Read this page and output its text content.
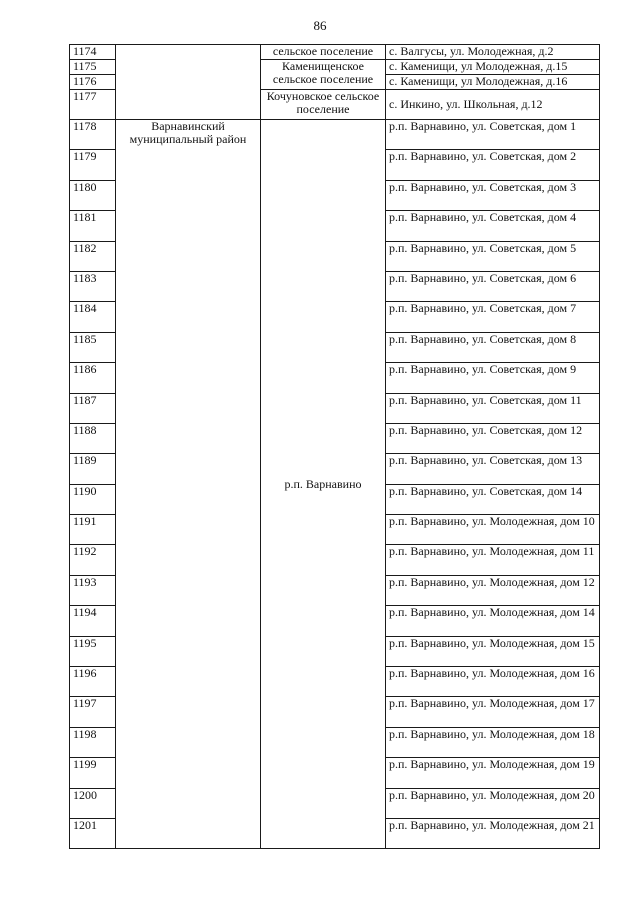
86
1174		сельское поселение	с. Валгусы, ул. Молодежная, д.2
1175		Каменищенское сельское поселение	с. Каменищи, ул Молодежная, д.15
1176			с. Каменищи, ул Молодежная, д.16
1177		Кочуновское сельское поселение	с. Инкино, ул. Школьная, д.12
1178	Варнавинский муниципальный район	р.п. Варнавино	р.п. Варнавино, ул. Советская, дом 1
1179			р.п. Варнавино, ул. Советская, дом 2
1180			р.п. Варнавино, ул. Советская, дом 3
1181			р.п. Варнавино, ул. Советская, дом 4
1182			р.п. Варнавино, ул. Советская, дом 5
1183			р.п. Варнавино, ул. Советская, дом 6
1184			р.п. Варнавино, ул. Советская, дом 7
1185			р.п. Варнавино, ул. Советская, дом 8
1186			р.п. Варнавино, ул. Советская, дом 9
1187			р.п. Варнавино, ул. Советская, дом 11
1188			р.п. Варнавино, ул. Советская, дом 12
1189			р.п. Варнавино, ул. Советская, дом 13
1190			р.п. Варнавино, ул. Советская, дом 14
1191			р.п. Варнавино, ул. Молодежная, дом 10
1192			р.п. Варнавино, ул. Молодежная, дом 11
1193			р.п. Варнавино, ул. Молодежная, дом 12
1194			р.п. Варнавино, ул. Молодежная, дом 14
1195			р.п. Варнавино, ул. Молодежная, дом 15
1196			р.п. Варнавино, ул. Молодежная, дом 16
1197			р.п. Варнавино, ул. Молодежная, дом 17
1198			р.п. Варнавино, ул. Молодежная, дом 18
1199			р.п. Варнавино, ул. Молодежная, дом 19
1200			р.п. Варнавино, ул. Молодежная, дом 20
1201			р.п. Варнавино, ул. Молодежная, дом 21
